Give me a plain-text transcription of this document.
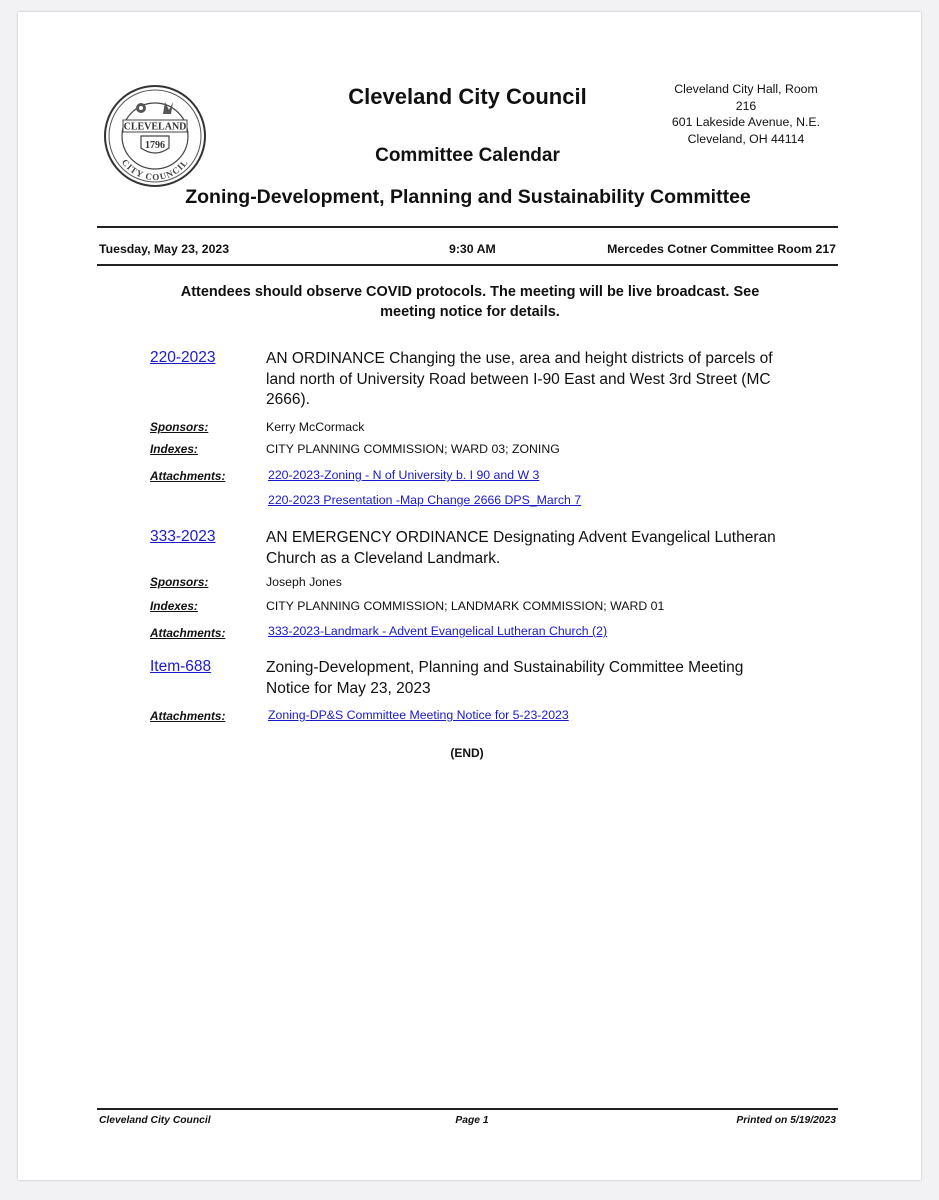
CLEVELAND
1796
CITY COUNCIL
Cleveland City Council
Committee Calendar
Cleveland City Hall, Room
216
601 Lakeside Avenue, N.E.
Cleveland, OH 44114
Zoning-Development, Planning and Sustainability Committee
Tuesday, May 23, 2023	9:30 AM	Mercedes Cotner Committee Room 217
Attendees should observe COVID protocols. The meeting will be live broadcast. See
meeting notice for details.
220-2023	AN ORDINANCE Changing the use, area and height districts of parcels of
land north of University Road between I-90 East and West 3rd Street (MC
2666).
Sponsors:	Kerry McCormack
Indexes:	CITY PLANNING COMMISSION; WARD 03; ZONING
Attachments:	220-2023-Zoning - N of University b. I 90 and W 3
220-2023 Presentation -Map Change 2666 DPS_March 7
333-2023	AN EMERGENCY ORDINANCE Designating Advent Evangelical Lutheran
Church as a Cleveland Landmark.
Sponsors:	Joseph Jones
Indexes:	CITY PLANNING COMMISSION; LANDMARK COMMISSION; WARD 01
Attachments:	333-2023-Landmark - Advent Evangelical Lutheran Church (2)
Item-688	Zoning-Development, Planning and Sustainability Committee Meeting
Notice for May 23, 2023
Attachments:	Zoning-DP&S Committee Meeting Notice for 5-23-2023
(END)
Cleveland City Council	Page 1	Printed on 5/19/2023
